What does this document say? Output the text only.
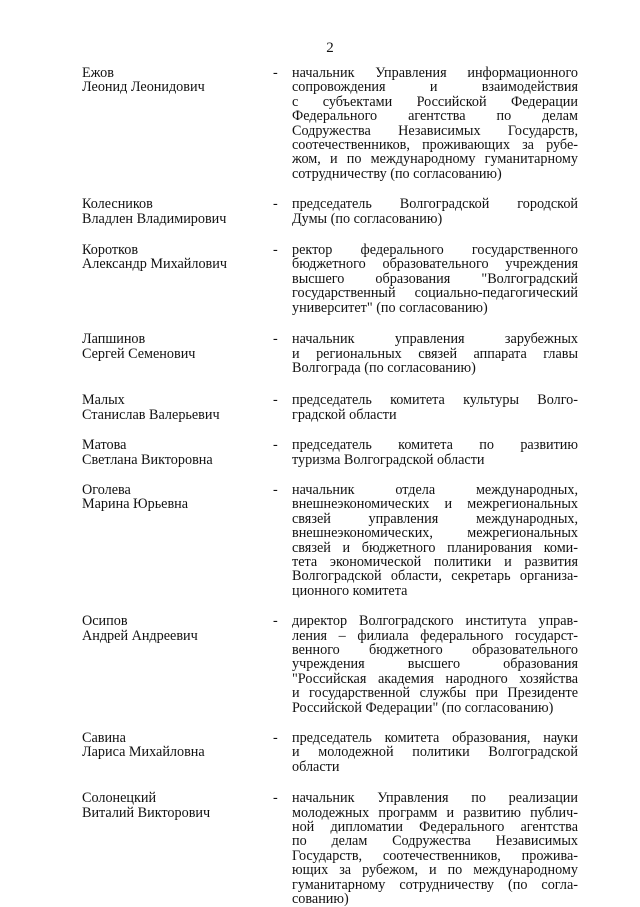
2
Ежов
Леонид Леонидович
-	начальник Управления информационного
сопровождения и взаимодействия
с субъектами Российской Федерации
Федерального агентства по делам
Содружества Независимых Государств,
соотечественников, проживающих за рубе-
жом, и по международному гуманитарному
сотрудничеству (по согласованию)
Колесников
Владлен Владимирович
-	председатель Волгоградской городской
Думы (по согласованию)
Коротков
Александр Михайлович
-	ректор федерального государственного
бюджетного образовательного учреждения
высшего образования "Волгоградский
государственный социально-педагогический
университет" (по согласованию)
Лапшинов
Сергей Семенович
-	начальник управления зарубежных
и региональных связей аппарата главы
Волгограда (по согласованию)
Малых
Станислав Валерьевич
-	председатель комитета культуры Волго-
градской области
Матова
Светлана Викторовна
-	председатель комитета по развитию
туризма Волгоградской области
Оголева
Марина Юрьевна
-	начальник отдела международных,
внешнеэкономических и межрегиональных
связей управления международных,
внешнеэкономических, межрегиональных
связей и бюджетного планирования коми-
тета экономической политики и развития
Волгоградской области, секретарь организа-
ционного комитета
Осипов
Андрей Андреевич
-	директор Волгоградского института управ-
ления – филиала федерального государст-
венного бюджетного образовательного
учреждения высшего образования
"Российская академия народного хозяйства
и государственной службы при Президенте
Российской Федерации" (по согласованию)
Савина
Лариса Михайловна
-	председатель комитета образования, науки
и молодежной политики Волгоградской
области
Солонецкий
Виталий Викторович
-	начальник Управления по реализации
молодежных программ и развитию публич-
ной дипломатии Федерального агентства
по делам Содружества Независимых
Государств, соотечественников, прожива-
ющих за рубежом, и по международному
гуманитарному сотрудничеству (по согла-
сованию)
